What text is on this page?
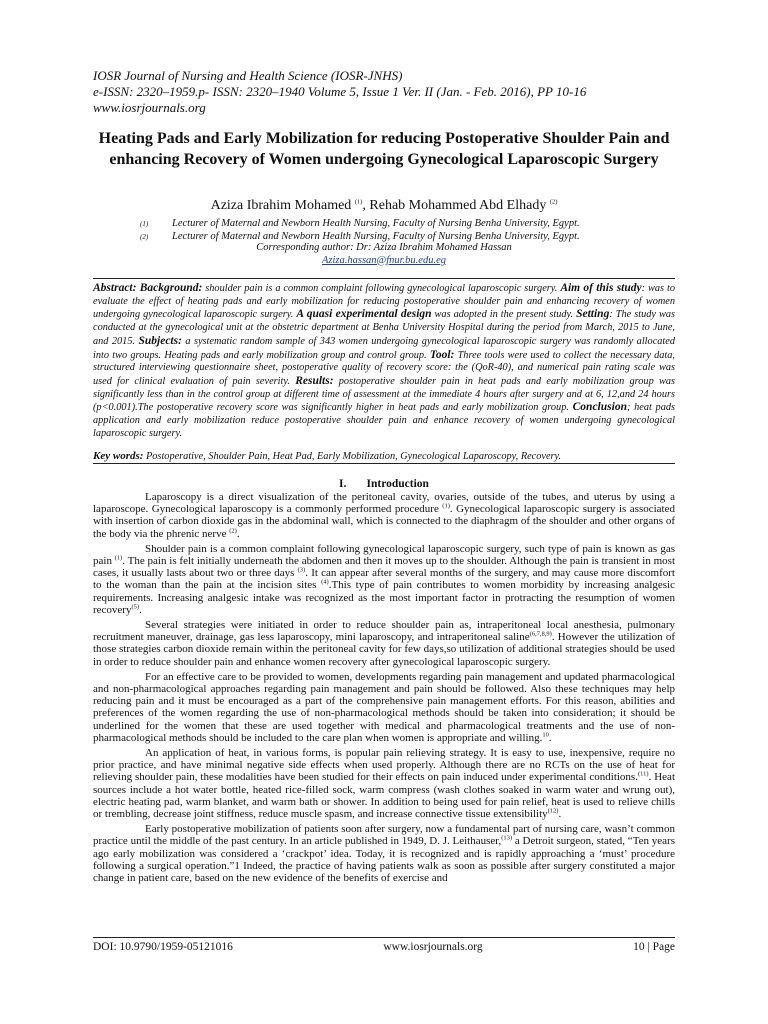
IOSR Journal of Nursing and Health Science (IOSR-JNHS)
e-ISSN: 2320–1959.p- ISSN: 2320–1940 Volume 5, Issue 1 Ver. II (Jan. - Feb. 2016), PP 10-16
www.iosrjournals.org
Heating Pads and Early Mobilization for reducing Postoperative Shoulder Pain and enhancing Recovery of Women undergoing Gynecological Laparoscopic Surgery
Aziza Ibrahim Mohamed $^{(1)}$, Rehab Mohammed Abd Elhady $^{(2)}$
(1)	Lecturer of Maternal and Newborn Health Nursing, Faculty of Nursing Benha University, Egypt.
(2)	Lecturer of Maternal and Newborn Health Nursing, Faculty of Nursing Benha University, Egypt.
Corresponding author: Dr: Aziza Ibrahim Mohamed Hassan
Aziza.hassan@fnur.bu.edu.eg
Abstract: Background: shoulder pain is a common complaint following gynecological laparoscopic surgery. Aim of this study: was to evaluate the effect of heating pads and early mobilization for reducing postoperative shoulder pain and enhancing recovery of women undergoing gynecological laparoscopic surgery. A quasi experimental design was adopted in the present study. Setting: The study was conducted at the gynecological unit at the obstetric department at Benha University Hospital during the period from March, 2015 to June, and 2015. Subjects: a systematic random sample of 343 women undergoing gynecological laparoscopic surgery was randomly allocated into two groups. Heating pads and early mobilization group and control group. Tool: Three tools were used to collect the necessary data, structured interviewing questionnaire sheet, postoperative quality of recovery score: the (QoR-40), and numerical pain rating scale was used for clinical evaluation of pain severity. Results: postoperative shoulder pain in heat pads and early mobilization group was significantly less than in the control group at different time of assessment at the immediate 4 hours after surgery and at 6, 12,and 24 hours (p<0.001).The postoperative recovery score was significantly higher in heat pads and early mobilization group. Conclusion; heat pads application and early mobilization reduce postoperative shoulder pain and enhance recovery of women undergoing gynecological laparoscopic surgery.
Key words: Postoperative, Shoulder Pain, Heat Pad, Early Mobilization, Gynecological Laparoscopy, Recovery.
I. Introduction

Laparoscopy is a direct visualization of the peritoneal cavity, ovaries, outside of the tubes, and uterus by using a laparoscope. Gynecological laparoscopy is a commonly performed procedure $^{(1)}$. Gynecological laparoscopic surgery is associated with insertion of carbon dioxide gas in the abdominal wall, which is connected to the diaphragm of the shoulder and other organs of the body via the phrenic nerve $^{(2)}$.

Shoulder pain is a common complaint following gynecological laparoscopic surgery, such type of pain is known as gas pain $^{(1)}$. The pain is felt initially underneath the abdomen and then it moves up to the shoulder. Although the pain is transient in most cases, it usually lasts about two or three days $^{(3)}$. It can appear after several months of the surgery, and may cause more discomfort to the woman than the pain at the incision sites $^{(4)}$.This type of pain contributes to women morbidity by increasing analgesic requirements. Increasing analgesic intake was recognized as the most important factor in protracting the resumption of women recovery$^{(5)}$.

Several strategies were initiated in order to reduce shoulder pain as, intraperitoneal local anesthesia, pulmonary recruitment maneuver, drainage, gas less laparoscopy, mini laparoscopy, and intraperitoneal saline$^{(6,7,8,9)}$. However the utilization of those strategies carbon dioxide remain within the peritoneal cavity for few days,so utilization of additional strategies should be used in order to reduce shoulder pain and enhance women recovery after gynecological laparoscopic surgery.

For an effective care to be provided to women, developments regarding pain management and updated pharmacological and non-pharmacological approaches regarding pain management and pain should be followed. Also these techniques may help reducing pain and it must be encouraged as a part of the comprehensive pain management efforts. For this reason, abilities and preferences of the women regarding the use of non-pharmacological methods should be taken into consideration; it should be underlined for the women that these are used together with medical and pharmacological treatments and the use of non-pharmacological methods should be included to the care plan when women is appropriate and willing.$^{10}$.

An application of heat, in various forms, is popular pain relieving strategy. It is easy to use, inexpensive, require no prior practice, and have minimal negative side effects when used properly. Although there are no RCTs on the use of heat for relieving shoulder pain, these modalities have been studied for their effects on pain induced under experimental conditions.$^{(11)}$. Heat sources include a hot water bottle, heated rice-filled sock, warm compress (wash clothes soaked in warm water and wrung out), electric heating pad, warm blanket, and warm bath or shower. In addition to being used for pain relief, heat is used to relieve chills or trembling, decrease joint stiffness, reduce muscle spasm, and increase connective tissue extensibility$^{(12)}$.

Early postoperative mobilization of patients soon after surgery, now a fundamental part of nursing care, wasn’t common practice until the middle of the past century. In an article published in 1949, D. J. Leithauser,$^{(13)}$ a Detroit surgeon, stated, “Ten years ago early mobilization was considered a ‘crackpot’ idea. Today, it is recognized and is rapidly approaching a ‘must’ procedure following a surgical operation.”1 Indeed, the practice of having patients walk as soon as possible after surgery constituted a major change in patient care, based on the new evidence of the benefits of exercise and

DOI: 10.9790/1959-05121016	www.iosrjournals.org	10 | Page
